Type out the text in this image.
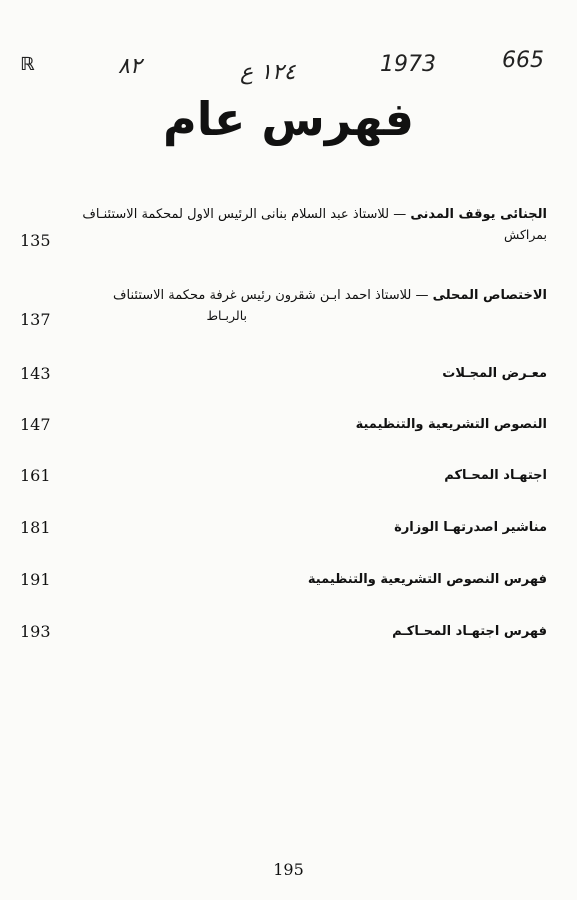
ℝ	٨٢	١٢٤ ع	1973	665
فهرس عام
الجنائى يوقف المدنى — للاستاذ عبد السلام بنانى الرئيس الاول لمحكمة الاستئنـاف
بمراكش
135
الاختصاص المحلى — للاستاذ احمد ابـن شقرون رئيس غرفة محكمة الاستئناف
بالربـاط
137
معـرض المجـلات
143
النصوص التشريعية والتنظيمية
147
اجتهـاد المحـاكم
161
مناشير اصدرتهـا الوزارة
181
فهرس النصوص التشريعية والتنظيمية
191
فهرس اجتهـاد المحـاكـم
193
195
